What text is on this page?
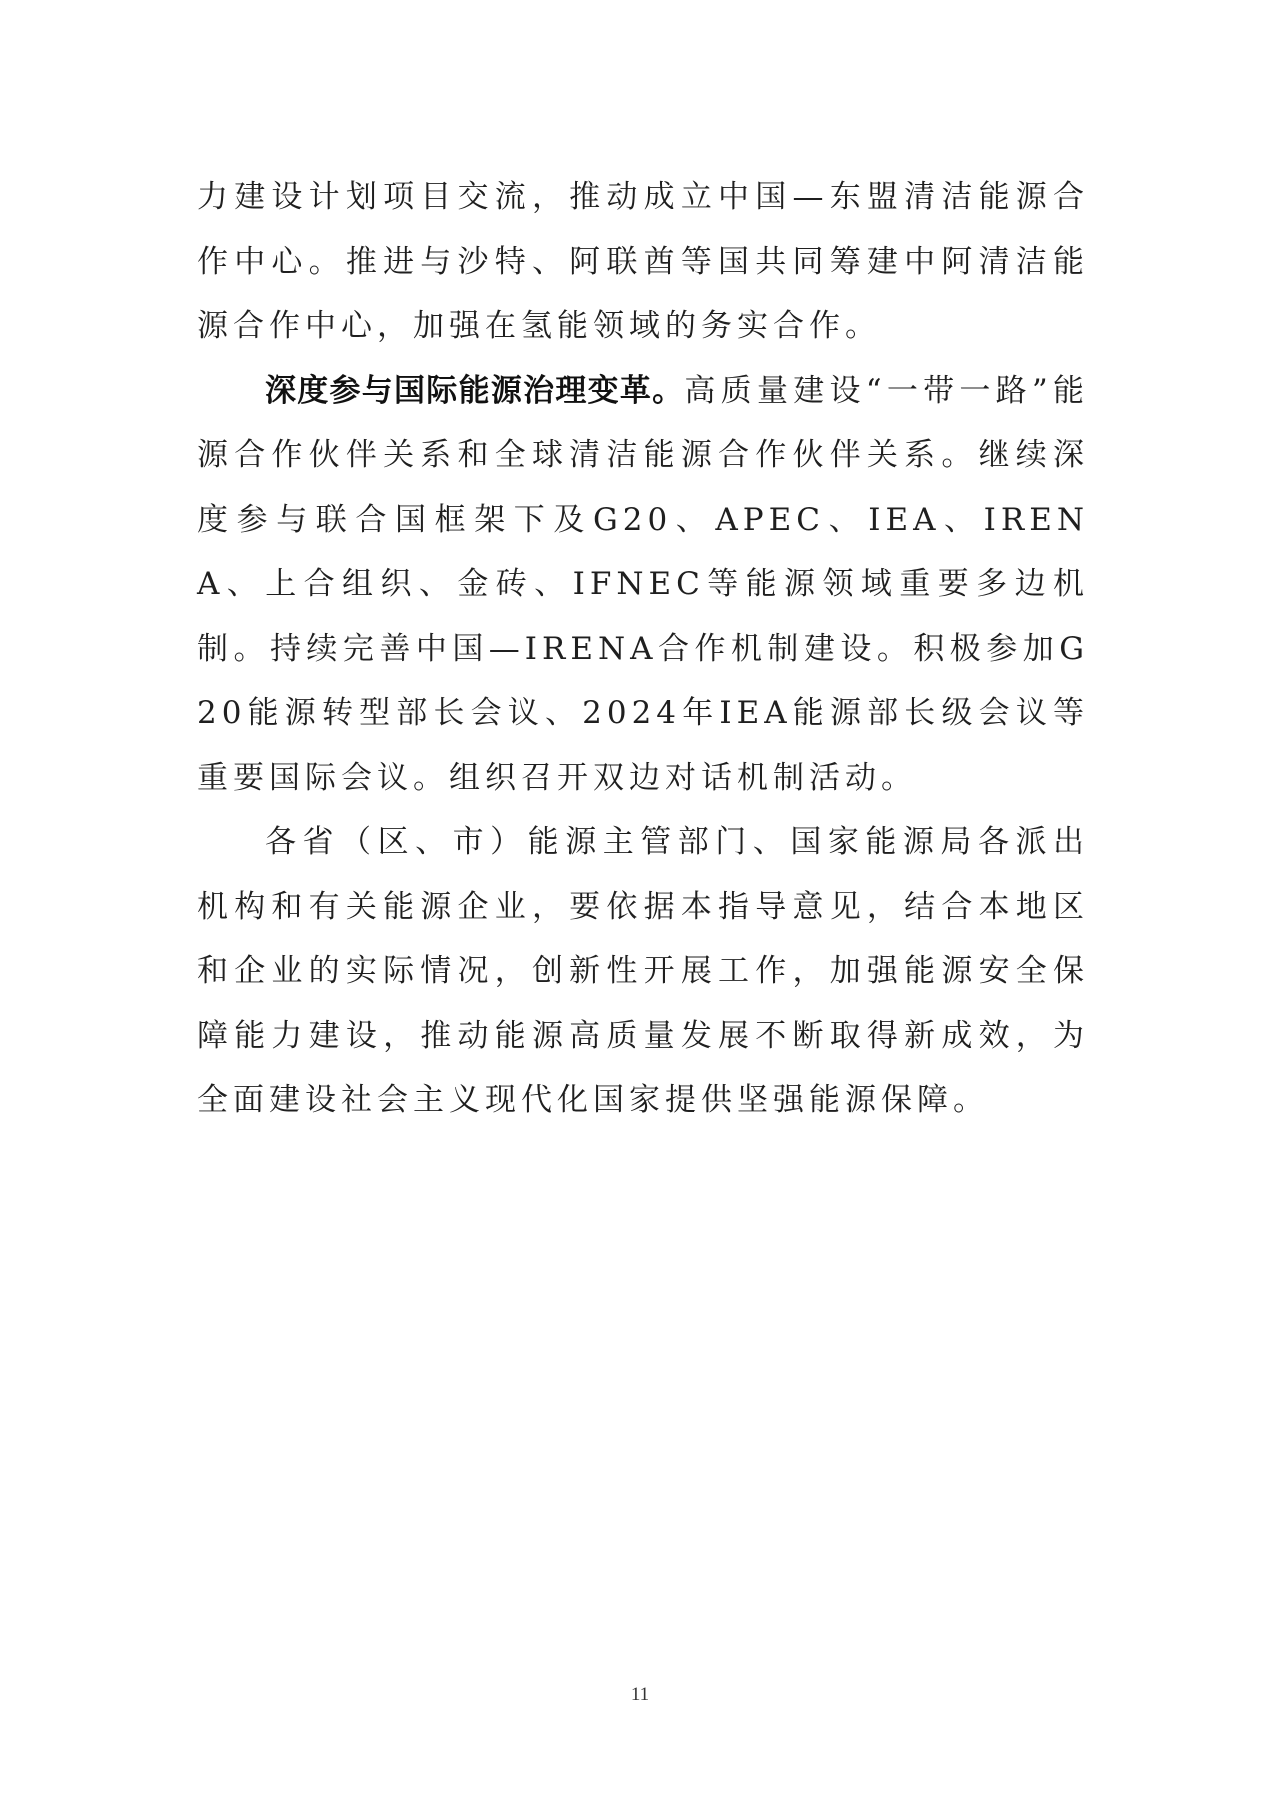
力建设计划项目交流，推动成立中国—东盟清洁能源合作中心。推进与沙特、阿联酋等国共同筹建中阿清洁能源合作中心，加强在氢能领域的务实合作。

深度参与国际能源治理变革。高质量建设“一带一路”能源合作伙伴关系和全球清洁能源合作伙伴关系。继续深度参与联合国框架下及G20、APEC、IEA、IRENA、上合组织、金砖、IFNEC等能源领域重要多边机制。持续完善中国—IRENA合作机制建设。积极参加G20能源转型部长会议、2024年IEA能源部长级会议等重要国际会议。组织召开双边对话机制活动。

各省（区、市）能源主管部门、国家能源局各派出机构和有关能源企业，要依据本指导意见，结合本地区和企业的实际情况，创新性开展工作，加强能源安全保障能力建设，推动能源高质量发展不断取得新成效，为全面建设社会主义现代化国家提供坚强能源保障。

11
